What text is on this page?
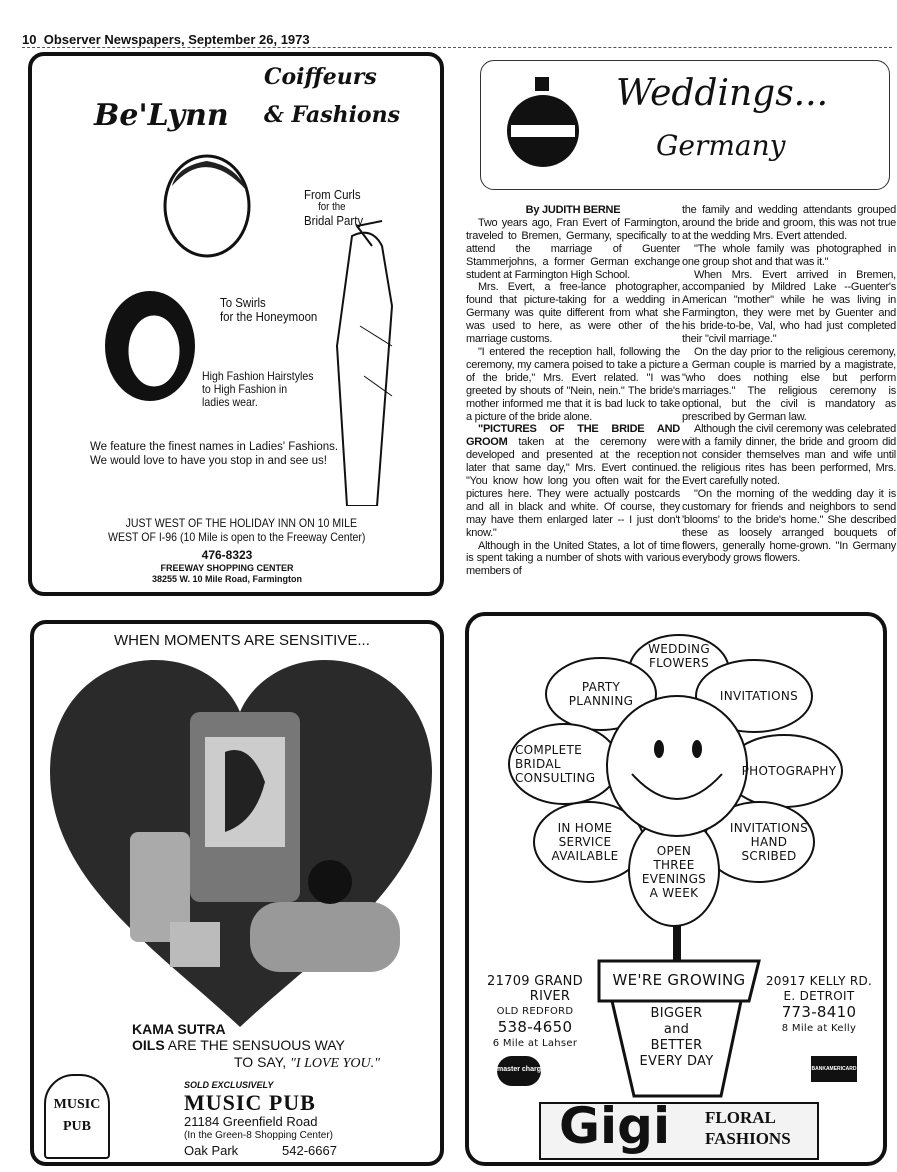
10 Observer Newspapers, September 26, 1973
Be'Lynn
Coiffeurs
& Fashions
From Curls
for the
Bridal Party
To Swirls
for the Honeymoon
High Fashion Hairstyles
to High Fashion in
ladies wear.
We feature the finest names in Ladies' Fashions. We would love to have you stop in and see us!
JUST WEST OF THE HOLIDAY INN ON 10 MILE
WEST OF I-96 (10 Mile is open to the Freeway Center)
476-8323
FREEWAY SHOPPING CENTER
38255 W. 10 Mile Road, Farmington
Weddings...
Germany

By JUDITH BERNE

Two years ago, Fran Evert of Farmington, traveled to Bremen, Germany, specifically to attend the marriage of Guenter Stammerjohns, a former German exchange student at Farmington High School.

Mrs. Evert, a free-lance photographer, found that picture-taking for a wedding in Germany was quite different from what she was used to here, as were other of the marriage customs.

"I entered the reception hall, following the ceremony, my camera poised to take a picture of the bride," Mrs. Evert related. "I was greeted by shouts of "Nein, nein." The bride's mother informed me that it is bad luck to take a picture of the bride alone.

"PICTURES OF THE BRIDE AND GROOM taken at the ceremony were developed and presented at the reception later that same day," Mrs. Evert continued. "You know how long you often wait for the pictures here. They were actually postcards and all in black and white. Of course, they may have them enlarged later -- I just don't know."

Although in the United States, a lot of time is spent taking a number of shots with various members of

the family and wedding attendants grouped around the bride and groom, this was not true at the wedding Mrs. Evert attended.

"The whole family was photographed in one group shot and that was it."

When Mrs. Evert arrived in Bremen, accompanied by Mildred Lake --Guenter's American "mother" while he was living in Farmington, they were met by Guenter and his bride-to-be, Val, who had just completed their "civil marriage."

On the day prior to the religious ceremony, a German couple is married by a magistrate, "who does nothing else but perform marriages." The religious ceremony is optional, but the civil is mandatory as prescribed by German law.

Although the civil ceremony was celebrated with a family dinner, the bride and groom did not consider themselves man and wife until the religious rites has been performed, Mrs. Evert carefully noted.

"On the morning of the wedding day it is customary for friends and neighbors to send 'blooms' to the bride's home." She described these as loosely arranged bouquets of flowers, generally home-grown. "In Germany everybody grows flowers.

WHEN MOMENTS ARE SENSITIVE...
KAMA SUTRA
OILS ARE THE SENSUOUS WAY
TO SAY, "I LOVE YOU."
MUSIC PUB
SOLD EXCLUSIVELY
MUSIC PUB
21184 Greenfield Road
(In the Green-8 Shopping Center)
Oak Park	542-6667
WEDDING
FLOWERS
PARTY
PLANNING	INVITATIONS
COMPLETE
BRIDAL
CONSULTING	PHOTOGRAPHY
IN HOME
SERVICE
AVAILABLE	OPEN
THREE
EVENINGS
A WEEK
INVITATIONS
HAND
SCRIBED
WE'RE GROWING
BIGGER
and
BETTER
EVERY DAY
21709 GRAND
RIVER
OLD REDFORD
538-4650
6 Mile at Lahser
20917 KELLY RD.
E. DETROIT
773-8410
8 Mile at Kelly
master charge	BANKAMERICARD
Gigi FLORAL
FASHIONS
